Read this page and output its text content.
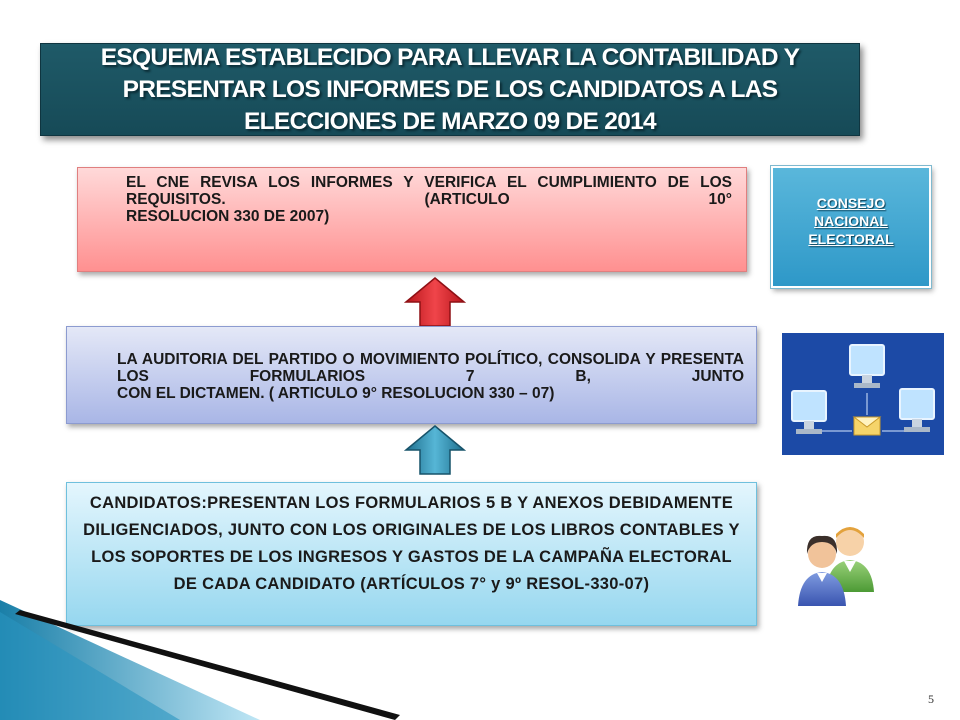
ESQUEMA ESTABLECIDO PARA LLEVAR LA CONTABILIDAD Y PRESENTAR LOS INFORMES DE LOS CANDIDATOS A LAS ELECCIONES DE MARZO 09 DE 2014
EL CNE REVISA LOS INFORMES Y VERIFICA EL CUMPLIMIENTO DE LOS REQUISITOS. (ARTICULO 10°
RESOLUCION 330 DE 2007)
CONSEJO
NACIONAL
ELECTORAL
LA AUDITORIA DEL PARTIDO O MOVIMIENTO POLÍTICO, CONSOLIDA Y PRESENTA LOS FORMULARIOS 7 B, JUNTO
CON EL DICTAMEN. ( ARTICULO 9° RESOLUCION 330 – 07)
CANDIDATOS:PRESENTAN LOS FORMULARIOS 5 B Y ANEXOS DEBIDAMENTE DILIGENCIADOS, JUNTO CON LOS ORIGINALES DE LOS LIBROS CONTABLES Y LOS SOPORTES DE LOS INGRESOS Y GASTOS DE LA CAMPAÑA ELECTORAL DE CADA CANDIDATO (ARTÍCULOS 7° y 9º RESOL-330-07)
5
